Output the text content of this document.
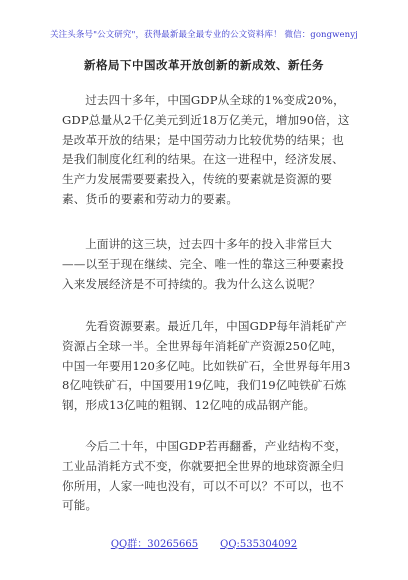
关注头条号"公文研究"，获得最新最全最专业的公文资料库！ 微信：gongwenyj
新格局下中国改革开放创新的新成效、新任务

过去四十多年，中国GDP从全球的1%变成20%，GDP总量从2千亿美元到近18万亿美元，增加90倍，这是改革开放的结果；是中国劳动力比较优势的结果；也是我们制度化红利的结果。在这一进程中，经济发展、生产力发展需要要素投入，传统的要素就是资源的要素、货币的要素和劳动力的要素。

上面讲的这三块，过去四十多年的投入非常巨大——以至于现在继续、完全、唯一性的靠这三种要素投入来发展经济是不可持续的。我为什么这么说呢？

先看资源要素。最近几年，中国GDP每年消耗矿产资源占全球一半。全世界每年消耗矿产资源250亿吨，中国一年要用120多亿吨。比如铁矿石，全世界每年用38亿吨铁矿石，中国要用19亿吨，我们19亿吨铁矿石炼钢，形成13亿吨的粗钢、12亿吨的成品钢产能。

今后二十年，中国GDP若再翻番，产业结构不变，工业品消耗方式不变，你就要把全世界的地球资源全归你所用，人家一吨也没有，可以不可以？不可以，也不可能。

QQ群：30265665 QQ:535304092
